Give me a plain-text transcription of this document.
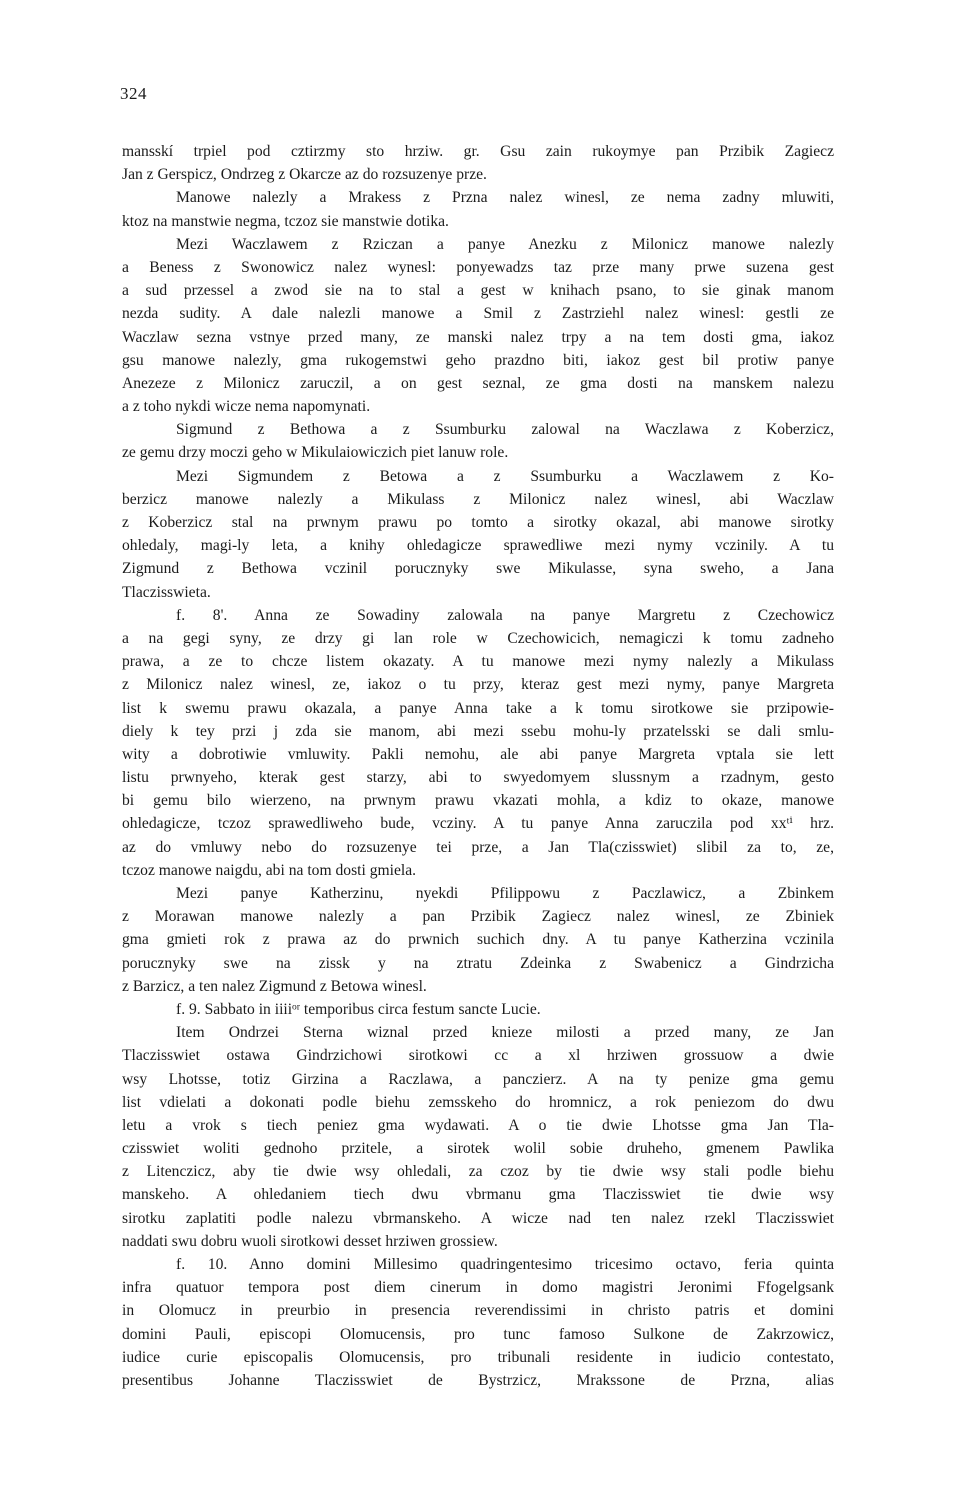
324
mansskí trpiel pod cztirzmy sto hrziw. gr. Gsu zain rukoymye pan Przibik Zagiecz
Jan z Gerspicz, Ondrzeg z Okarcze az do rozsuzenye prze.
Manowe nalezly a Mrakess z Przna nalez winesl, ze nema zadny mluwiti,
ktoz na manstwie negma, tczoz sie manstwie dotika.
Mezi Waczlawem z Rziczan a panye Anezku z Milonicz manowe nalezly
a Beness z Swonowicz nalez wynesl: ponyewadzs taz prze many prwe suzena gest
a sud przessel a zwod sie na to stal a gest w knihach psano, to sie ginak manom
nezda sudity. A dale nalezli manowe a Smil z Zastrziehl nalez winesl: gestli ze
Waczlaw sezna vstnye przed many, ze manski nalez trpy a na tem dosti gma, iakoz
gsu manowe nalezly, gma rukogemstwi geho prazdno biti, iakoz gest bil protiw panye
Anezeze z Milonicz zaruczil, a on gest seznal, ze gma dosti na manskem nalezu
a z toho nykdi wicze nema napomynati.
Sigmund z Bethowa a z Ssumburku zalowal na Waczlawa z Koberzicz,
ze gemu drzy moczi geho w Mikulaiowiczich piet lanuw role.
Mezi Sigmundem z Betowa a z Ssumburku a Waczlawem z Ko-
berzicz manowe nalezly a Mikulass z Milonicz nalez winesl, abi Waczlaw
z Koberzicz stal na prwnym prawu po tomto a sirotky okazal, abi manowe sirotky
ohledaly, magi-ly leta, a knihy ohledagicze sprawedliwe mezi nymy vczinily. A tu
Zigmund z Bethowa vczinil porucznyky swe Mikulasse, syna sweho, a Jana
Tlaczisswieta.
f. 8'. Anna ze Sowadiny zalowala na panye Margretu z Czechowicz
a na gegi syny, ze drzy gi lan role w Czechowicich, nemagiczi k tomu zadneho
prawa, a ze to chcze listem okazaty. A tu manowe mezi nymy nalezly a Mikulass
z Milonicz nalez winesl, ze, iakoz o tu przy, kteraz gest mezi nymy, panye Margreta
list k swemu prawu okazala, a panye Anna take a k tomu sirotkowe sie przipowie-
diely k tey przi j zda sie manom, abi mezi ssebu mohu-ly przatelsski se dali smlu-
wity a dobrotiwie vmluwity. Pakli nemohu, ale abi panye Margreta vptala sie lett
listu prwnyeho, kterak gest starzy, abi to swyedomyem slussnym a rzadnym, gesto
bi gemu bilo wierzeno, na prwnym prawu vkazati mohla, a kdiz to okaze, manowe
ohledagicze, tczoz sprawedliweho bude, vcziny. A tu panye Anna zaruczila pod xxᵗⁱ hrz.
az do vmluwy nebo do rozsuzenye tei prze, a Jan Tla(czisswiet) slibil za to, ze,
tczoz manowe naigdu, abi na tom dosti gmiela.
Mezi panye Katherzinu, nyekdi Pfilippowu z Paczlawicz, a Zbinkem
z Morawan manowe nalezly a pan Przibik Zagiecz nalez winesl, ze Zbiniek
gma gmieti rok z prawa az do prwnich suchich dny. A tu panye Katherzina vczinila
porucznyky swe na zissk y na ztratu Zdeinka z Swabenicz a Gindrzicha
z Barzicz, a ten nalez Zigmund z Betowa winesl.
f. 9. Sabbato in iiiiᵒʳ temporibus circa festum sancte Lucie.
Item Ondrzei Sterna wiznal przed knieze milosti a przed many, ze Jan
Tlaczisswiet ostawa Gindrzichowi sirotkowi cc a xl hrziwen grossuow a dwie
wsy Lhotsse, totiz Girzina a Raczlawa, a panczierz. A na ty penize gma gemu
list vdielati a dokonati podle biehu zemsskeho do hromnicz, a rok peniezom do dwu
letu a vrok s tiech peniez gma wydawati. A o tie dwie Lhotsse gma Jan Tla-
czisswiet woliti gednoho przitele, a sirotek wolil sobie druheho, gmenem Pawlika
z Litenczicz, aby tie dwie wsy ohledali, za czoz by tie dwie wsy stali podle biehu
manskeho. A ohledaniem tiech dwu vbrmanu gma Tlaczisswiet tie dwie wsy
sirotku zaplatiti podle nalezu vbrmanskeho. A wicze nad ten nalez rzekl Tlaczisswiet
naddati swu dobru wuoli sirotkowi desset hrziwen grossiew.
f. 10. Anno domini Millesimo quadringentesimo tricesimo octavo, feria quinta
infra quatuor tempora post diem cinerum in domo magistri Jeronimi Ffogelgsank
in Olomucz in preurbio in presencia reverendissimi in christo patris et domini
domini Pauli, episcopi Olomucensis, pro tunc famoso Sulkone de Zakrzowicz,
iudice curie episcopalis Olomucensis, pro tribunali residente in iudicio contestato,
presentibus Johanne Tlaczisswiet de Bystrzicz, Mrakssone de Przna, alias
